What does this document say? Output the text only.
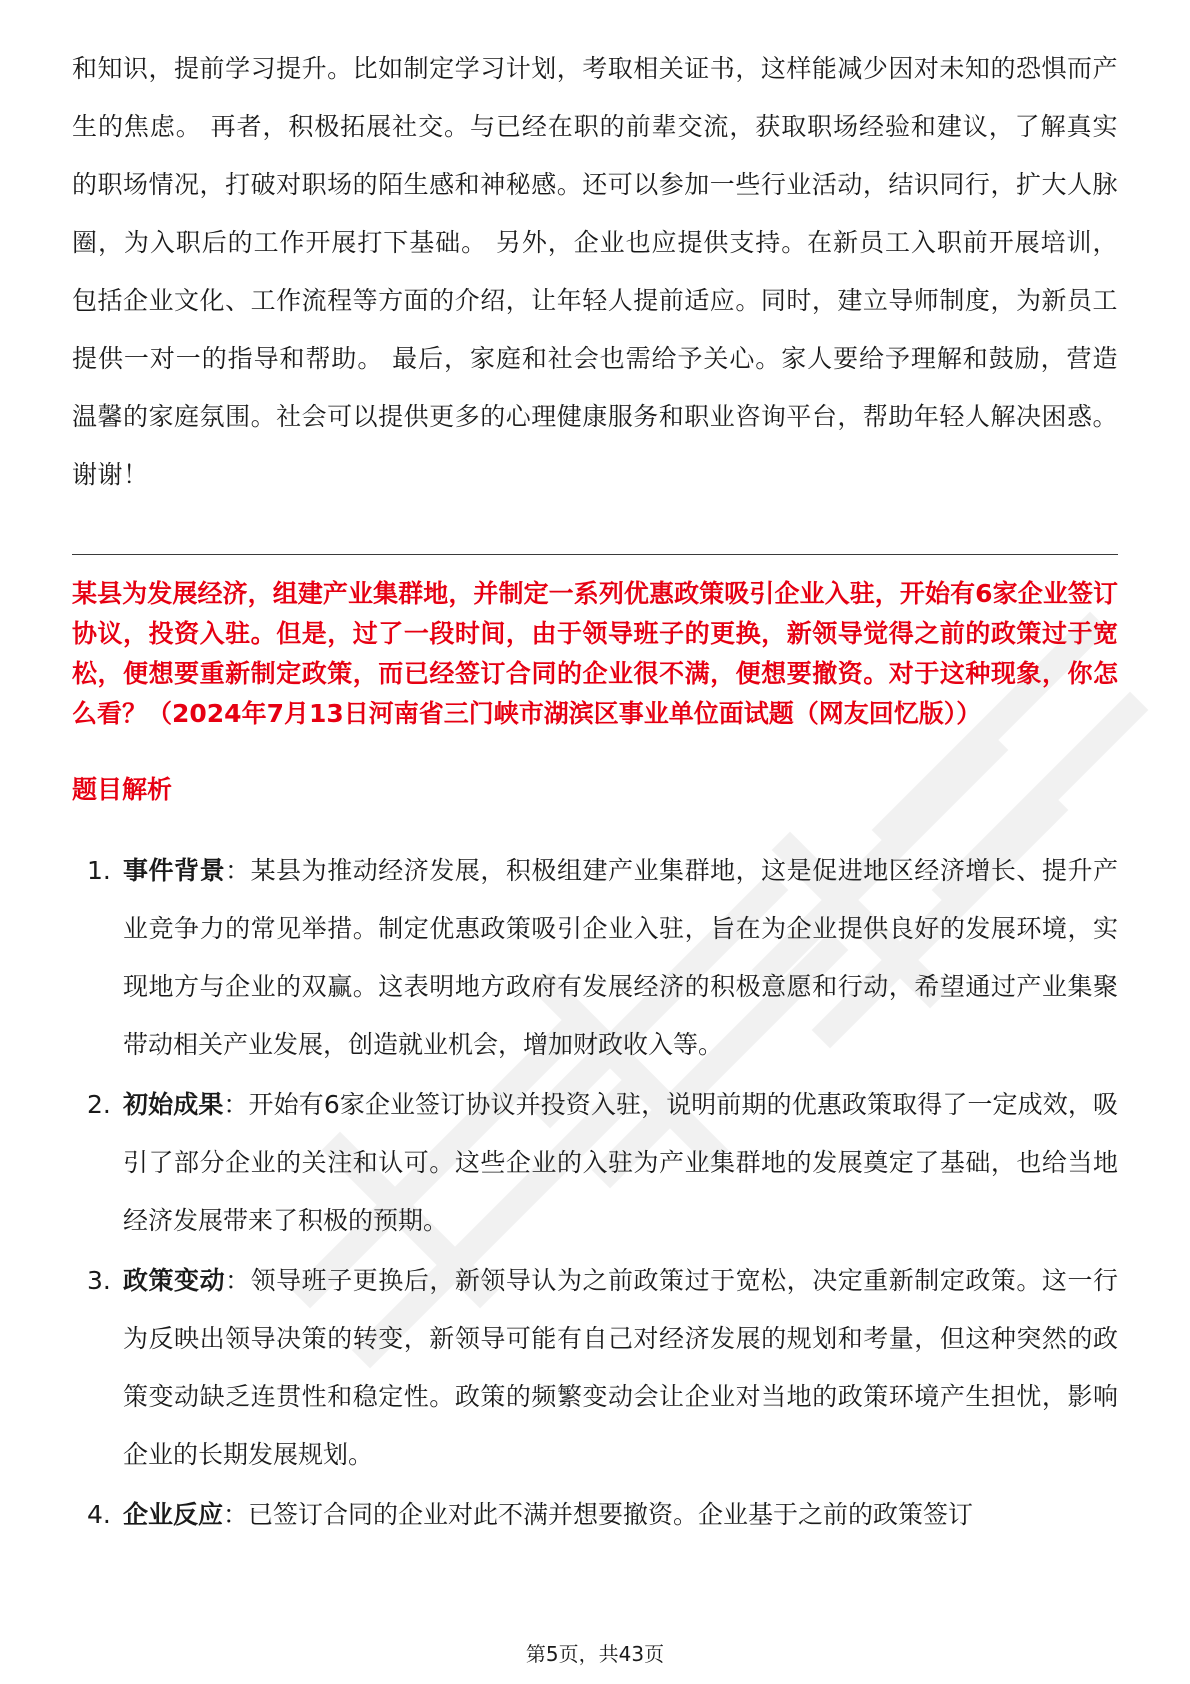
和知识，提前学习提升。比如制定学习计划，考取相关证书，这样能减少因对未知的恐惧而产生的焦虑。 再者，积极拓展社交。与已经在职的前辈交流，获取职场经验和建议，了解真实的职场情况，打破对职场的陌生感和神秘感。还可以参加一些行业活动，结识同行，扩大人脉圈，为入职后的工作开展打下基础。 另外，企业也应提供支持。在新员工入职前开展培训，包括企业文化、工作流程等方面的介绍，让年轻人提前适应。同时，建立导师制度，为新员工提供一对一的指导和帮助。 最后，家庭和社会也需给予关心。家人要给予理解和鼓励，营造温馨的家庭氛围。社会可以提供更多的心理健康服务和职业咨询平台，帮助年轻人解决困惑。谢谢！

某县为发展经济，组建产业集群地，并制定一系列优惠政策吸引企业入驻，开始有6家企业签订协议，投资入驻。但是，过了一段时间，由于领导班子的更换，新领导觉得之前的政策过于宽松，便想要重新制定政策，而已经签订合同的企业很不满，便想要撤资。对于这种现象，你怎么看？（2024年7月13日河南省三门峡市湖滨区事业单位面试题（网友回忆版））

题目解析

1. 事件背景：某县为推动经济发展，积极组建产业集群地，这是促进地区经济增长、提升产业竞争力的常见举措。制定优惠政策吸引企业入驻，旨在为企业提供良好的发展环境，实现地方与企业的双赢。这表明地方政府有发展经济的积极意愿和行动，希望通过产业集聚带动相关产业发展，创造就业机会，增加财政收入等。
2. 初始成果：开始有6家企业签订协议并投资入驻，说明前期的优惠政策取得了一定成效，吸引了部分企业的关注和认可。这些企业的入驻为产业集群地的发展奠定了基础，也给当地经济发展带来了积极的预期。
3. 政策变动：领导班子更换后，新领导认为之前政策过于宽松，决定重新制定政策。这一行为反映出领导决策的转变，新领导可能有自己对经济发展的规划和考量，但这种突然的政策变动缺乏连贯性和稳定性。政策的频繁变动会让企业对当地的政策环境产生担忧，影响企业的长期发展规划。
4. 企业反应：已签订合同的企业对此不满并想要撤资。企业基于之前的政策签订
第5页，共43页
